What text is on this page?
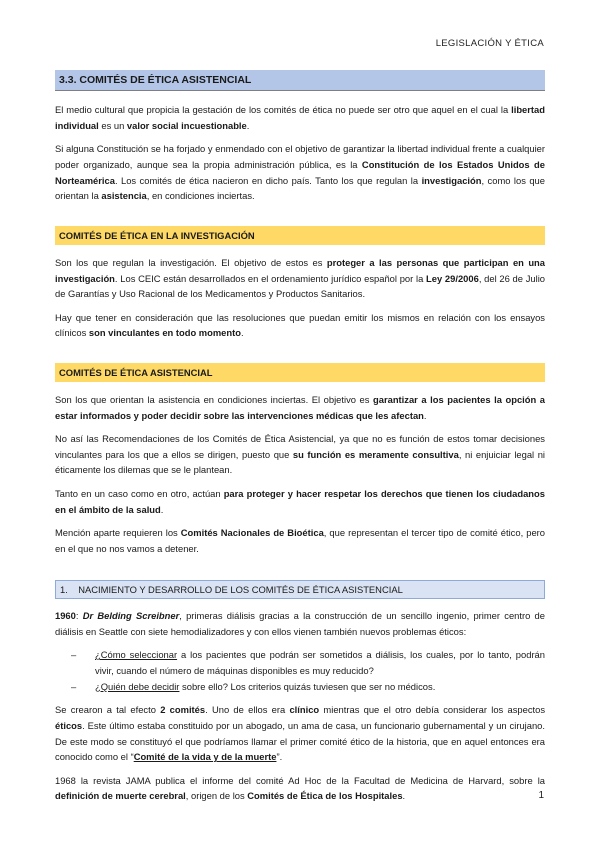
LEGISLACIÓN Y ÉTICA
3.3. COMITÉS DE ÉTICA ASISTENCIAL

El medio cultural que propicia la gestación de los comités de ética no puede ser otro que aquel en el cual la libertad individual es un valor social incuestionable.

Si alguna Constitución se ha forjado y enmendado con el objetivo de garantizar la libertad individual frente a cualquier poder organizado, aunque sea la propia administración pública, es la Constitución de los Estados Unidos de Norteamérica. Los comités de ética nacieron en dicho país. Tanto los que regulan la investigación, como los que orientan la asistencia, en condiciones inciertas.

COMITÉS DE ÉTICA EN LA INVESTIGACIÓN

Son los que regulan la investigación. El objetivo de estos es proteger a las personas que participan en una investigación. Los CEIC están desarrollados en el ordenamiento jurídico español por la Ley 29/2006, del 26 de Julio de Garantías y Uso Racional de los Medicamentos y Productos Sanitarios.

Hay que tener en consideración que las resoluciones que puedan emitir los mismos en relación con los ensayos clínicos son vinculantes en todo momento.

COMITÉS DE ÉTICA ASISTENCIAL

Son los que orientan la asistencia en condiciones inciertas. El objetivo es garantizar a los pacientes la opción a estar informados y poder decidir sobre las intervenciones médicas que les afectan.

No así las Recomendaciones de los Comités de Ética Asistencial, ya que no es función de estos tomar decisiones vinculantes para los que a ellos se dirigen, puesto que su función es meramente consultiva, ni enjuiciar legal ni éticamente los dilemas que se le plantean.

Tanto en un caso como en otro, actúan para proteger y hacer respetar los derechos que tienen los ciudadanos en el ámbito de la salud.

Mención aparte requieren los Comités Nacionales de Bioética, que representan el tercer tipo de comité ético, pero en el que no nos vamos a detener.

1.    NACIMIENTO Y DESARROLLO DE LOS COMITÉS DE ÉTICA ASISTENCIAL

1960: Dr Belding Screibner, primeras diálisis gracias a la construcción de un sencillo ingenio, primer centro de diálisis en Seattle con siete hemodializadores y con ellos vienen también nuevos problemas éticos:

– ¿Cómo seleccionar a los pacientes que podrán ser sometidos a diálisis, los cuales, por lo tanto, podrán vivir, cuando el número de máquinas disponibles es muy reducido?
– ¿Quién debe decidir sobre ello? Los criterios quizás tuviesen que ser no médicos.

Se crearon a tal efecto 2 comités. Uno de ellos era clínico mientras que el otro debía considerar los aspectos éticos. Este último estaba constituido por un abogado, un ama de casa, un funcionario gubernamental y un cirujano. De este modo se constituyó el que podríamos llamar el primer comité ético de la historia, que en aquel entonces era conocido como el “Comité de la vida y de la muerte”.

1968 la revista JAMA publica el informe del comité Ad Hoc de la Facultad de Medicina de Harvard, sobre la definición de muerte cerebral, origen de los Comités de Ética de los Hospitales.	1
